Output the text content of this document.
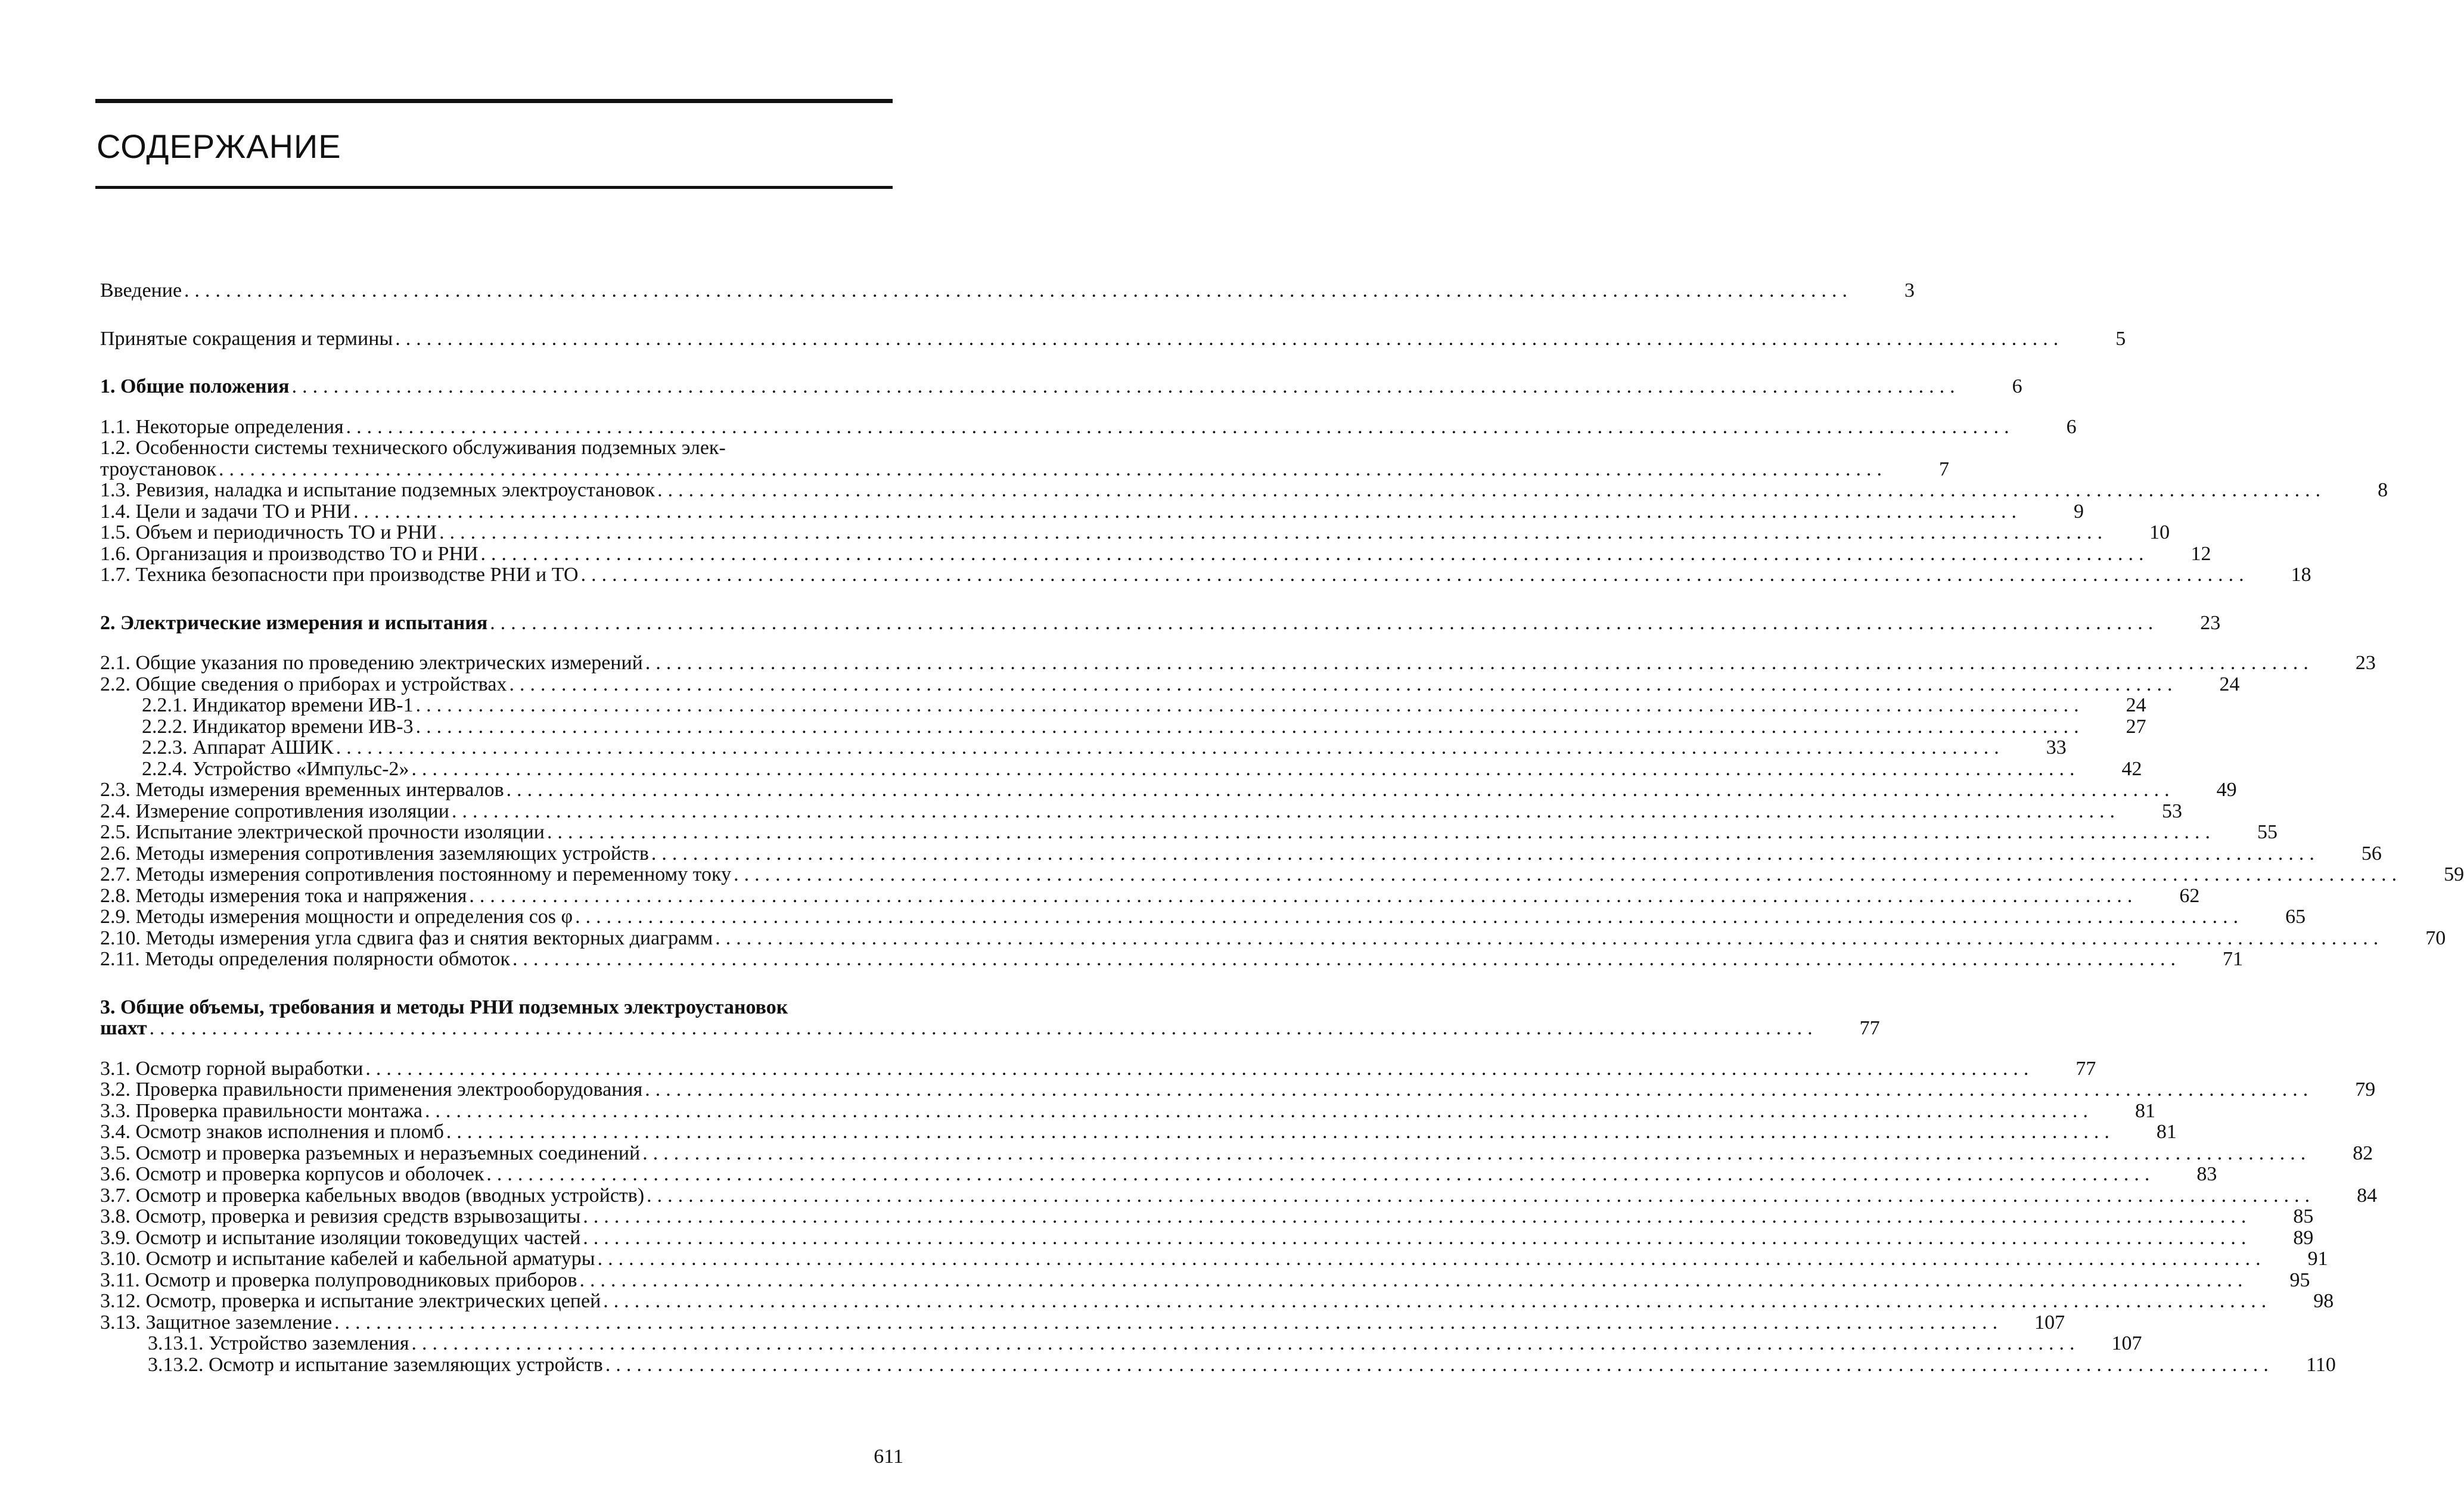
СОДЕРЖАНИЕ
Введение ................................................................................................................................................................	3
Принятые сокращения и термины ................................................................................................................................................................	5
1. Общие положения ................................................................................................................................................................	6
1.1. Некоторые определения ................................................................................................................................................................	6
1.2. Особенности системы технического обслуживания подземных элек-
троустановок ................................................................................................................................................................	7
1.3. Ревизия, наладка и испытание подземных электроустановок ................................................................................................................................................................	8
1.4. Цели и задачи ТО и РНИ ................................................................................................................................................................	9
1.5. Объем и периодичность ТО и РНИ ................................................................................................................................................................	10
1.6. Организация и производство ТО и РНИ ................................................................................................................................................................	12
1.7. Техника безопасности при производстве РНИ и ТО ................................................................................................................................................................	18
2. Электрические измерения и испытания ................................................................................................................................................................	23
2.1. Общие указания по проведению электрических измерений ................................................................................................................................................................	23
2.2. Общие сведения о приборах и устройствах ................................................................................................................................................................	24
2.2.1. Индикатор времени ИВ-1 ................................................................................................................................................................	24
2.2.2. Индикатор времени ИВ-3 ................................................................................................................................................................	27
2.2.3. Аппарат АШИК ................................................................................................................................................................	33
2.2.4. Устройство «Импульс-2» ................................................................................................................................................................	42
2.3. Методы измерения временных интервалов ................................................................................................................................................................	49
2.4. Измерение сопротивления изоляции ................................................................................................................................................................	53
2.5. Испытание электрической прочности изоляции ................................................................................................................................................................	55
2.6. Методы измерения сопротивления заземляющих устройств ................................................................................................................................................................	56
2.7. Методы измерения сопротивления постоянному и переменному току ................................................................................................................................................................	59
2.8. Методы измерения тока и напряжения ................................................................................................................................................................	62
2.9. Методы измерения мощности и определения cos φ ................................................................................................................................................................	65
2.10. Методы измерения угла сдвига фаз и снятия векторных диаграмм ................................................................................................................................................................	70
2.11. Методы определения полярности обмоток ................................................................................................................................................................	71
3. Общие объемы, требования и методы РНИ подземных электроустановок
шахт ................................................................................................................................................................	77
3.1. Осмотр горной выработки ................................................................................................................................................................	77
3.2. Проверка правильности применения электрооборудования ................................................................................................................................................................	79
3.3. Проверка правильности монтажа ................................................................................................................................................................	81
3.4. Осмотр знаков исполнения и пломб ................................................................................................................................................................	81
3.5. Осмотр и проверка разъемных и неразъемных соединений ................................................................................................................................................................	82
3.6. Осмотр и проверка корпусов и оболочек ................................................................................................................................................................	83
3.7. Осмотр и проверка кабельных вводов (вводных устройств) ................................................................................................................................................................	84
3.8. Осмотр, проверка и ревизия средств взрывозащиты ................................................................................................................................................................	85
3.9. Осмотр и испытание изоляции токоведущих частей ................................................................................................................................................................	89
3.10. Осмотр и испытание кабелей и кабельной арматуры ................................................................................................................................................................	91
3.11. Осмотр и проверка полупроводниковых приборов ................................................................................................................................................................	95
3.12. Осмотр, проверка и испытание электрических цепей ................................................................................................................................................................	98
3.13. Защитное заземление ................................................................................................................................................................ 107
3.13.1. Устройство заземления ................................................................................................................................................................ 107
3.13.2. Осмотр и испытание заземляющих устройств ................................................................................................................................................................ 110
611
